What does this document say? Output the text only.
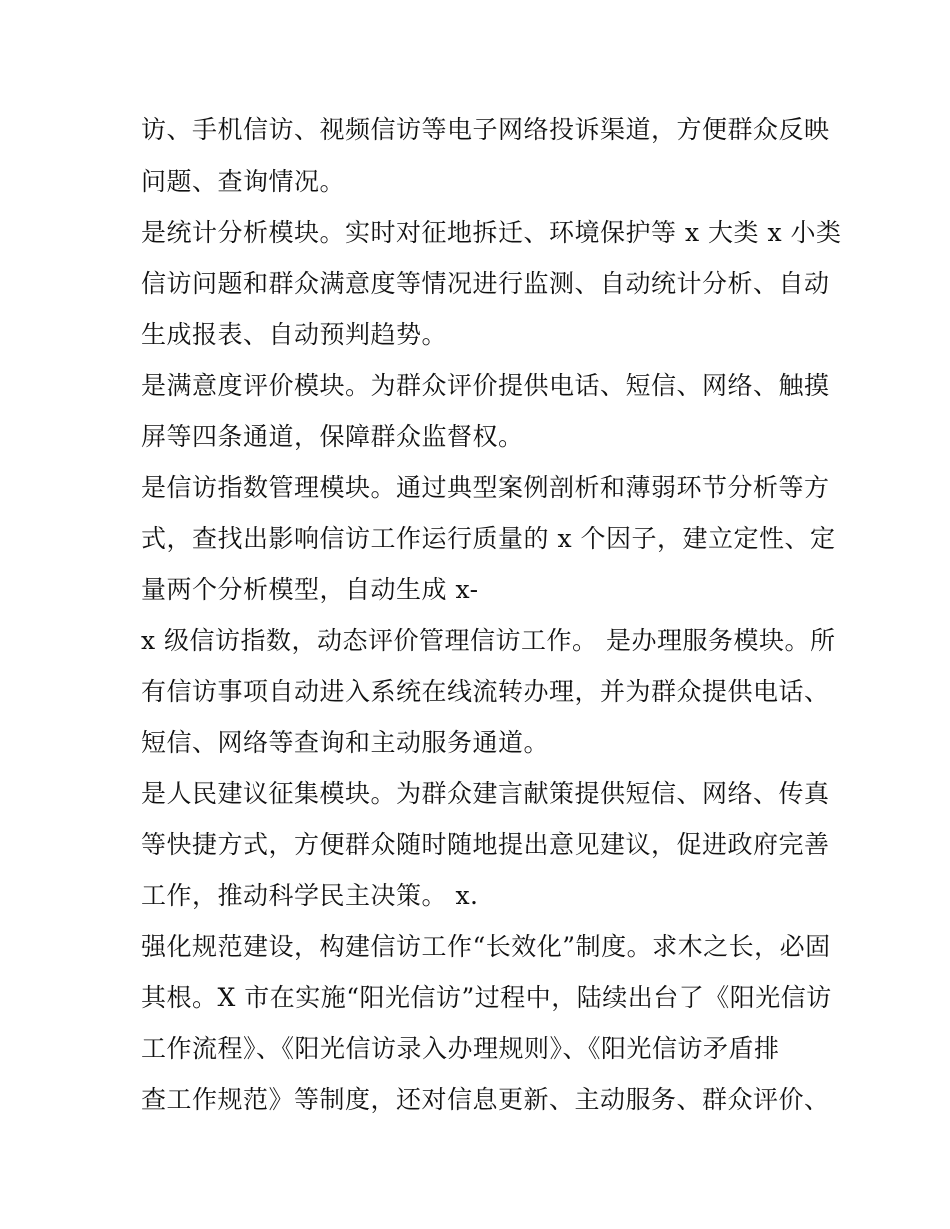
访、手机信访、视频信访等电子网络投诉渠道，方便群众反映
问题、查询情况。
是统计分析模块。实时对征地拆迁、环境保护等 x 大类 x 小类
信访问题和群众满意度等情况进行监测、自动统计分析、自动
生成报表、自动预判趋势。
是满意度评价模块。为群众评价提供电话、短信、网络、触摸
屏等四条通道，保障群众监督权。
是信访指数管理模块。通过典型案例剖析和薄弱环节分析等方
式，查找出影响信访工作运行质量的 x 个因子，建立定性、定
量两个分析模型，自动生成 x-
x 级信访指数，动态评价管理信访工作。 是办理服务模块。所
有信访事项自动进入系统在线流转办理，并为群众提供电话、
短信、网络等查询和主动服务通道。
是人民建议征集模块。为群众建言献策提供短信、网络、传真
等快捷方式，方便群众随时随地提出意见建议，促进政府完善
工作，推动科学民主决策。 x.
强化规范建设，构建信访工作“长效化”制度。求木之长，必固
其根。X 市在实施“阳光信访”过程中，陆续出台了《阳光信访
工作流程》、《阳光信访录入办理规则》、《阳光信访矛盾排
查工作规范》等制度，还对信息更新、主动服务、群众评价、
